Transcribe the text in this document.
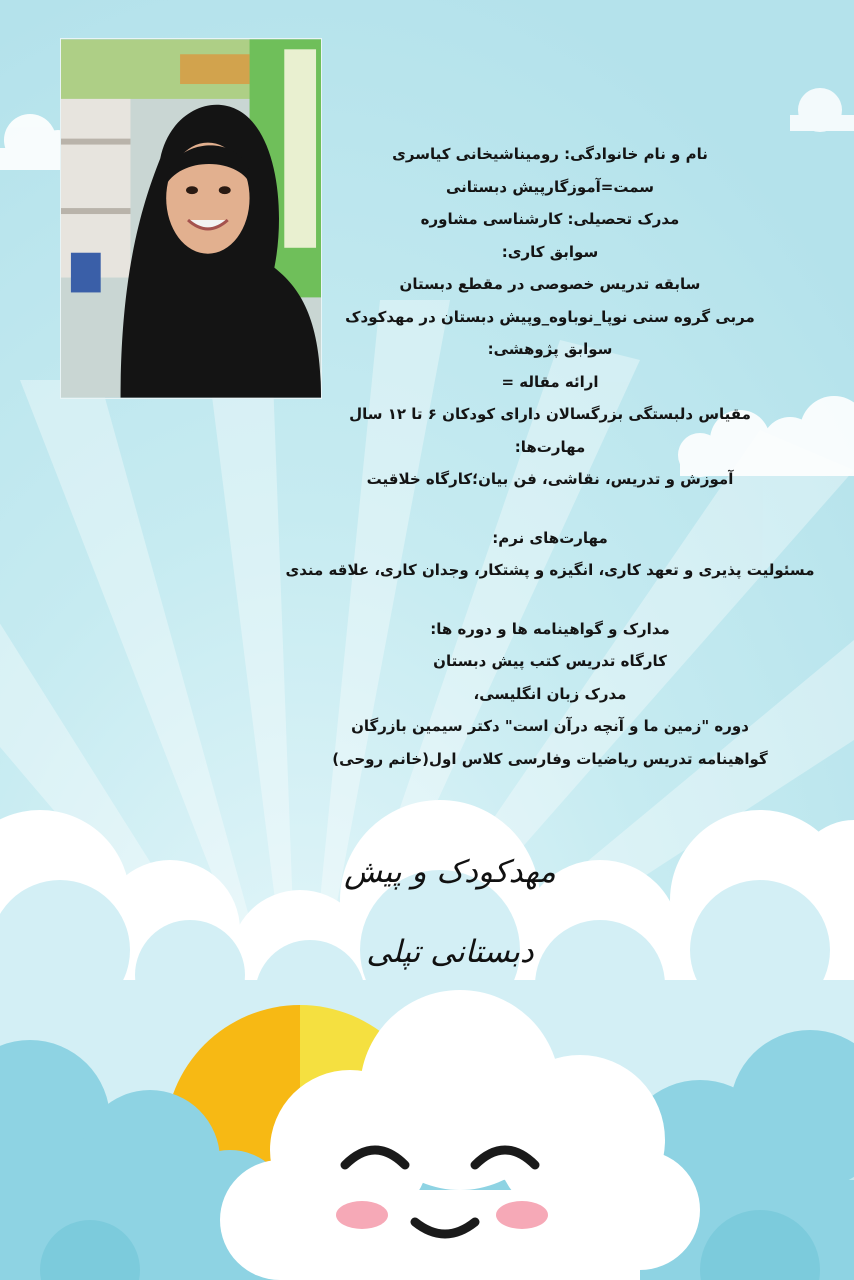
نام و نام خانوادگی: رومیناشیخانی کیاسری
سمت=آموزگارپیش دبستانی
مدرک تحصیلی: کارشناسی مشاوره
سوابق کاری:
سابقه تدریس خصوصی در مقطع دبستان
مربی گروه سنی نوپا_نوباوه_وپیش دبستان در مهدکودک
سوابق پژوهشی:
ارائه مقاله =
مقیاس دلبستگی بزرگسالان دارای کودکان ۶ تا ۱۲ سال
مهارت‌ها:
آموزش و تدریس، نقاشی، فن بیان؛کارگاه خلاقیت
مهارت‌های نرم:
مسئولیت پذیری و تعهد کاری، انگیزه و پشتکار، وجدان کاری، علاقه مندی
مدارک و گواهینامه ها و دوره ها:
کارگاه تدریس کتب پیش دبستان
مدرک زبان انگلیسی،
دوره "زمین ما و آنچه درآن است" دکتر سیمین بازرگان
گواهینامه تدریس ریاضیات وفارسی کلاس اول(خانم روحی)
مهدکودک و پیش دبستانی تپلی
